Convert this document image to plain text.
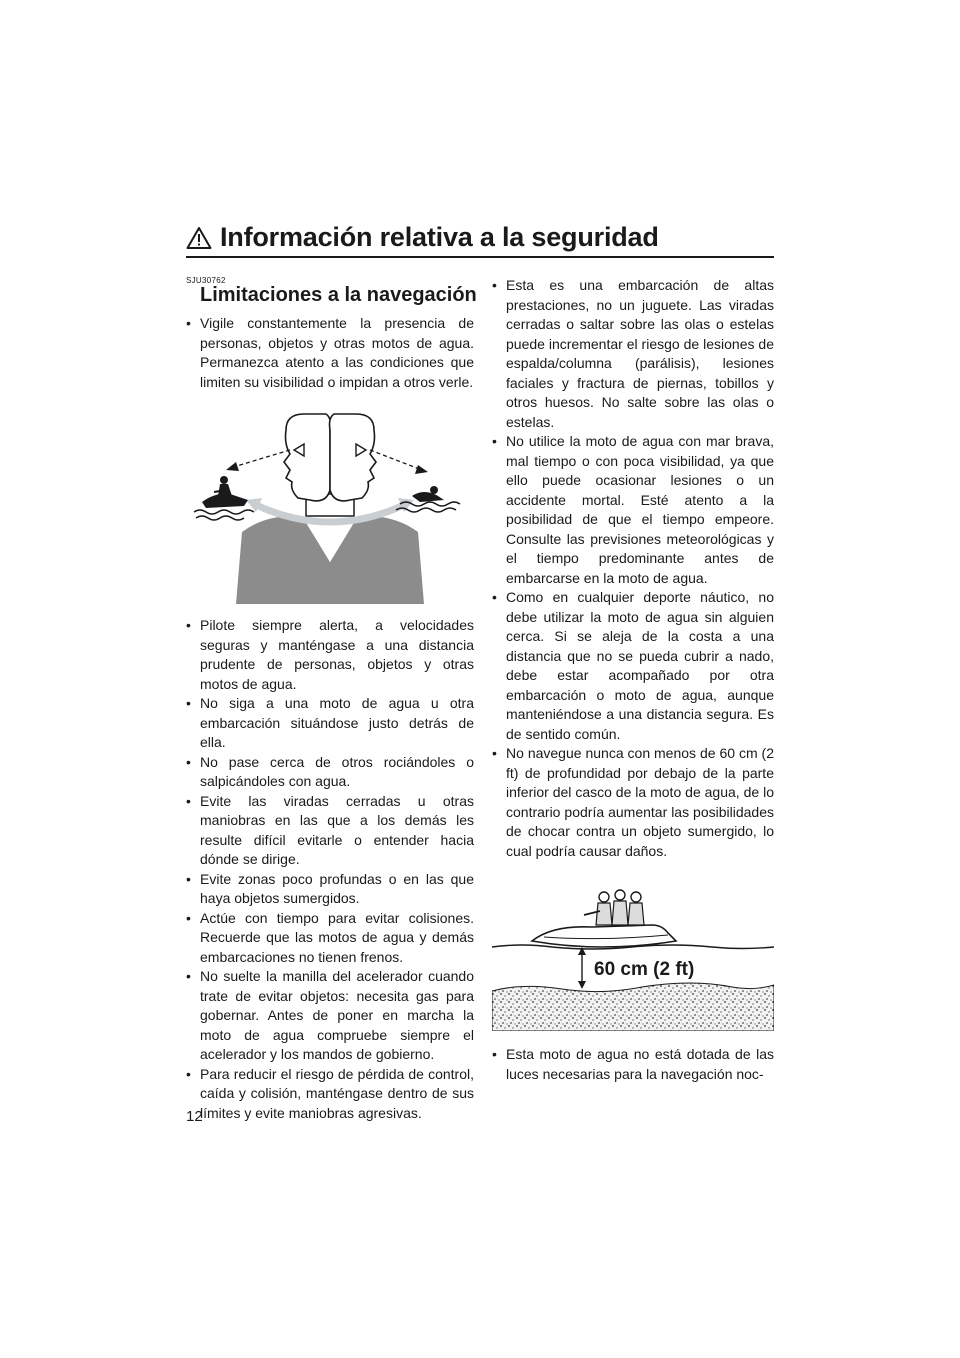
Información relativa a la seguridad
SJU30762
Limitaciones a la navegación
• Vigile constantemente la presencia de personas, objetos y otras motos de agua. Permanezca atento a las condiciones que limiten su visibilidad o impidan a otros verle.
• Pilote siempre alerta, a velocidades seguras y manténgase a una distancia prudente de personas, objetos y otras motos de agua.
• No siga a una moto de agua u otra embarcación situándose justo detrás de ella.
• No pase cerca de otros rociándoles o salpicándoles con agua.
• Evite las viradas cerradas u otras maniobras en las que a los demás les resulte difícil evitarle o entender hacia dónde se dirige.
• Evite zonas poco profundas o en las que haya objetos sumergidos.
• Actúe con tiempo para evitar colisiones. Recuerde que las motos de agua y demás embarcaciones no tienen frenos.
• No suelte la manilla del acelerador cuando trate de evitar objetos: necesita gas para gobernar. Antes de poner en marcha la moto de agua compruebe siempre el acelerador y los mandos de gobierno.
• Para reducir el riesgo de pérdida de control, caída y colisión, manténgase dentro de sus límites y evite maniobras agresivas.
• Esta es una embarcación de altas prestaciones, no un juguete. Las viradas cerradas o saltar sobre las olas o estelas puede incrementar el riesgo de lesiones de espalda/columna (parálisis), lesiones faciales y fractura de piernas, tobillos y otros huesos. No salte sobre las olas o estelas.
• No utilice la moto de agua con mar brava, mal tiempo o con poca visibilidad, ya que ello puede ocasionar lesiones o un accidente mortal. Esté atento a la posibilidad de que el tiempo empeore. Consulte las previsiones meteorológicas y el tiempo predominante antes de embarcarse en la moto de agua.
• Como en cualquier deporte náutico, no debe utilizar la moto de agua sin alguien cerca. Si se aleja de la costa a una distancia que no se pueda cubrir a nado, debe estar acompañado por otra embarcación o moto de agua, aunque manteniéndose a una distancia segura. Es de sentido común.
• No navegue nunca con menos de 60 cm (2 ft) de profundidad por debajo de la parte inferior del casco de la moto de agua, de lo contrario podría aumentar las posibilidades de chocar contra un objeto sumergido, lo cual podría causar daños.
60 cm (2 ft)
• Esta moto de agua no está dotada de las luces necesarias para la navegación noc-
12
